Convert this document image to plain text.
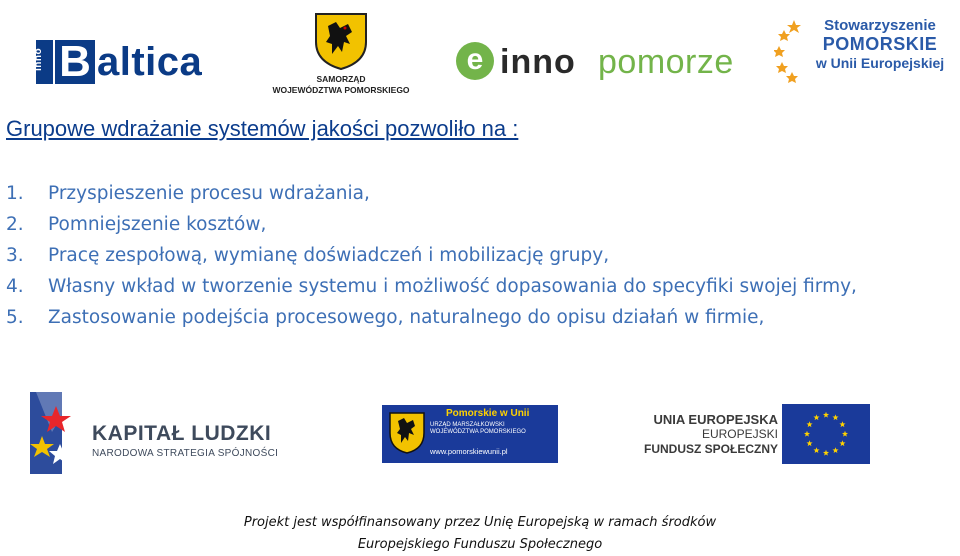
inno B altica	SAMORZĄD
WOJEWÓDZTWA POMORSKIEGO
e inno pomorze
Stowarzyszenie
POMORSKIE
w Unii Europejskiej
Grupowe wdrażanie systemów jakości pozwoliło na :
1. Przyspieszenie procesu wdrażania,
2. Pomniejszenie kosztów,
3. Pracę zespołową, wymianę doświadczeń i mobilizację grupy,
4. Własny wkład w tworzenie systemu i możliwość dopasowania do specyfiki swojej firmy,
5. Zastosowanie podejścia procesowego, naturalnego do opisu działań w firmie,
KAPITAŁ LUDZKI
NARODOWA STRATEGIA SPÓJNOŚCI
Pomorskie w Unii
URZĄD MARSZAŁKOWSKI
WOJEWÓDZTWA POMORSKIEGO
www.pomorskiewunii.pl
UNIA EUROPEJSKA
EUROPEJSKI
FUNDUSZ SPOŁECZNY
Projekt jest współfinansowany przez Unię Europejską w ramach środków
Europejskiego Funduszu Społecznego
